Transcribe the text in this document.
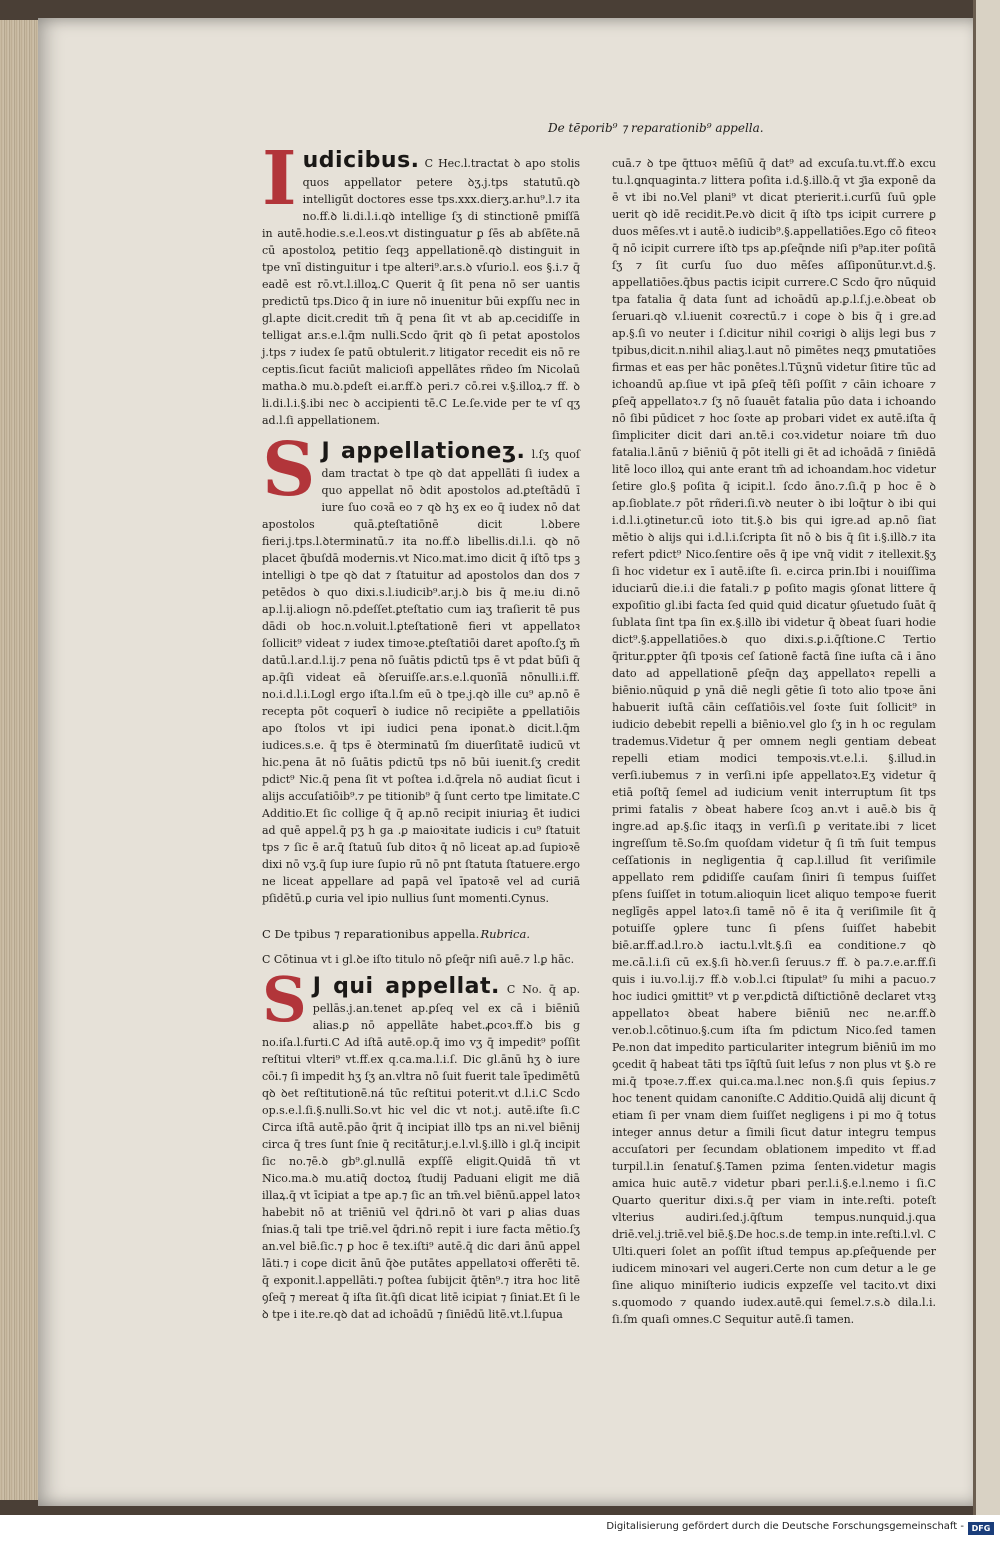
De tēporib⁹ ⁊ reparationib⁹ appella.
I udicibus. C Hec.l.tractat ꝺ apo stolis quos appellator petere ꝺʒ.j.tps statutū.qꝺ intelligūt doctores esse tps.xxx.dierʒ.ar.hu⁹.l.⁊ ita no.ff.ꝺ li.di.l.i.qꝺ intellige ſʒ di stinctionē pmiſſā in autē.hodie.s.e.l.eos.vt distinguatur ꝑ ſēs ab abſēte.nā cū apostoloꝝ petitio ſeqꝫ appellationē.qꝺ distinguit in tpe vnī distinguitur i tpe alteri⁹.ar.s.ꝺ vſurio.l. eos §.i.⁊ q̄ eadē est rō.vt.l.illoꝝ.C Querit q̄ ſit pena nō ser uantis predictū tps.Dico q̄ in iure nō inuenitur būi expſſu nec in gl.apte dicit.credit tm̄ q̄ pena ſit vt ab ap.cecidiſſe in telligat ar.s.e.l.q̄m nulli.Scdo q̄rit qꝺ ſi petat apostolos j.tps ⁊ iudex ſe patū obtulerit.⁊ litigator recedit eis nō re ceptis.ſicut faciūt malicioſi appellātes rñdeo ſm Nicolaū matha.ꝺ mu.ꝺ.pdeſt ei.ar.ff.ꝺ peri.⁊ cō.rei v.§.illoꝝ.⁊ ff. ꝺ li.di.l.i.§.ibi nec ꝺ accipienti tē.C Le.ſe.vide per te vſ qʒ ad.l.ſi appellationem.
S J appellationeʒ. l.ſʒ quoſ dam tractat ꝺ tpe qꝺ dat appellāti ſi iudex a quo appellat nō ꝺdit apostolos ad.ꝑteſtādū ī iure ſuo coꝛā eo ⁊ qꝺ hʒ ex eo q̄ iudex nō dat apostolos quā.ꝑteſtatiōnē dicit l.ꝺbere fieri.j.tps.l.ꝺterminatū.⁊ ita no.ff.ꝺ libellis.di.l.i. qꝺ nō placet q̄buſdā modernis.vt Nico.mat.imo dicit q̄ iſtō tps ꝫ intelligi ꝺ tpe qꝺ dat ⁊ ſtatuitur ad apostolos dan dos ⁊ petēdos ꝺ quo dixi.s.l.iudicib⁹.ar.j.ꝺ bis q̄ me.iu di.nō ap.l.ij.aliogn nō.pdeſſet.ꝑteſtatio cum iaʒ traſierit tē pus dādi ob hoc.n.voluit.l.ꝑteſtationē fieri vt appellatoꝛ ſollicit⁹ videat ⁊ iudex timoꝛe.ꝑteſtatiōi daret apoſto.ſʒ m̄ datū.l.ar.d.l.ij.⁊ pena nō ſuātis pdictū tps ē vt pdat būſi q̄ ap.q̄ſi videat eā ꝺſeruiſſe.ar.s.e.l.quonīā nōnulli.i.ff. no.i.d.l.i.Logl ergo iſta.l.ſm eū ꝺ tpe.j.qꝺ ille cu⁹ ap.nō ē recepta pōt coquerī ꝺ iudice nō recipiēte a ꝑpellatiōis apo ſtolos vt ipi iudici pena iponat.ꝺ dicit.l.q̄m iudices.s.e. q̄ tps ē ꝺterminatū ſm diuerſitatē iudicū vt hic.pena āt nō ſuātis pdictū tps nō būi iuenit.ſʒ credit pdict⁹ Nic.q̄ pena ſit vt poſtea i.d.q̄rela nō audiat ſicut i alijs accuſatiōib⁹.⁊ pe titionib⁹ q̄ ſunt certo tpe limitate.C Additio.Et ſic collige q̄ q̄ ap.nō recipit iniuriaꝫ ēt iudici ad quē appel.q̄ pʒ h ga .ꝑ maioꝛitate iudicis i cu⁹ ſtatuit tps ⁊ ſic ē ar.q̄ ſtatuū ſub ditoꝛ q̄ nō liceat ap.ad ſupioꝛē dixi nō vʒ.q̄ ſup iure ſupio rū nō pnt ſtatuta ſtatuere.ergo ne liceat appellare ad papā vel īpatoꝛē vel ad curiā pſidētū.ꝑ curia vel ipio nullius ſunt momenti.Cynus.
C De tpibus ⁊ reparationibus appella. Rubrica.
C Cōtinua vt i gl.ꝺe iſto titulo nō ꝑſeq̄r niſi auē.⁊ l.ꝑ hāc.
S J qui appellat. C No. q̄ ap. pellās.j.an.tenet ap.ꝑſeq vel ex cā i biēniū alias.ꝑ nō appellāte habet.ꝓcoꝛ.ff.ꝺ bis g no.iſa.l.furti.C Ad iſtā autē.op.q̄ imo vʒ q̄ impedit⁹ poſſit reſtitui vlteri⁹ vt.ff.ex q.ca.ma.l.i.ſ. Dic gl.ānū hʒ ꝺ iure cōi.⁊ ſi impedit hʒ ſʒ an.vltra nō ſuit fuerit tale īpedimētū qꝺ ꝺet reſtitutionē.ná tūc reſtitui poterit.vt d.l.i.C Scdo op.s.e.l.ſi.§.nulli.So.vt hic vel dic vt not.j. autē.iſte ſi.C Circa iſtā autē.pāo q̄rit q̄ incipiat illꝺ tps an ni.vel biēnij circa q̄ tres ſunt ſnie q̄ recitātur.j.e.l.vl.§.illꝺ i gl.q̄ incipit ſic no.⁊ē.ꝺ gb⁹.gl.nullā expſſē eligit.Quidā tñ vt Nico.ma.ꝺ mu.atiq̄ doctoꝝ ſtudij Paduani eligit me diā illaꝝ.q̄ vt īcipiat a tpe ap.⁊ ſic an tm̄.vel biēnū.appel latoꝛ habebit nō at triēniū vel q̄dri.nō ꝺt vari ꝑ alias duas ſnias.q̄ tali tpe triē.vel q̄dri.nō repit i iure facta mētio.ſʒ an.vel biē.ſic.⁊ ꝑ hoc ē tex.iſti⁹ autē.q̄ dic dari ānū appel lāti.⁊ i coꝑe dicit ānū q̄ꝺe putātes appellatoꝛi offerēti tē. q̄ exponit.l.appellāti.⁊ poſtea ſubijcit q̄tēn⁹.⁊ itra hoc litē ꝯſeq̄ ⁊ mereat q̄ iſta ſit.q̄ſi dicat litē icipiat ⁊ ſiniat.Et ſi le ꝺ tpe i ite.re.qꝺ dat ad ichoādū ⁊ ſiniēdū litē.vt.l.ſupua
cuā.⁊ ꝺ tpe q̄ttuoꝛ mēſiū q̄ dat⁹ ad excuſa.tu.vt.ff.ꝺ excu tu.l.ꝗnquaginta.⁊ littera poſita i.d.§.illꝺ.q̄ vt ꝫ̄ia exponē da ē vt ibi no.Vel plani⁹ vt dicat pterierit.i.curſū ſuū ꝯple uerit qꝺ idē recidit.Pe.vꝺ dicit q̄ iſtꝺ tps icipit currere ꝑ duos mēſes.vt i autē.ꝺ iudicib⁹.§.appellatiōes.Ego cō fiteoꝛ q̄ nō icipit currere iſtꝺ tps ap.ꝑſeq̄nde niſi p⁹ap.iter poſitā ſʒ ⁊ ſit curſu ſuo duo mēſes aſſiponūtur.vt.d.§. appellatiōes.q̄bus pactis icipit currere.C Scdo q̄ro nūquid tpa fatalia q̄ data ſunt ad ichoādū ap.ꝑ.l.ſ.j.e.ꝺbeat ob ſeruari.qꝺ v.l.iuenit coꝛrectū.⁊ i coꝑe ꝺ bis q̄ i gre.ad ap.§.ſi vo neuter i ſ.dicitur nihil coꝛrigi ꝺ alijs legi bus ⁊ tpibus,dicit.n.nihil aliaʒ.l.aut nō pimētes neqʒ ꝑmutatiōes firmas et eas per hāc ponētes.l.Tūʒnū videtur ſitire tūc ad ichoandū ap.ſiue vt ipā ꝑſeq̄ tēſi poſſit ⁊ cāin ichoare ⁊ ꝑſeq̄ appellatoꝛ.⁊ ſʒ nō ſuauēt fatalia pūo data i ichoando nō ſibi pūdicet ⁊ hoc ſoꝛte ap probari videt ex autē.iſta q̄ ſimpliciter dicit dari an.tē.i coꝛ.videtur noiare tm̄ duo fatalia.l.ānū ⁊ biēniū q̄ pōt itelli gi ēt ad ichoādā ⁊ ſiniēdā litē loco illoꝝ qui ante erant tm̄ ad ichoandam.hoc videtur ſetire glo.§ poſita q̄ icipit.l. ſcdo āno.⁊.ſi.q̄ p hoc ē ꝺ ap.ſioblate.⁊ pōt rñderi.ſi.vꝺ neuter ꝺ ibi loq̄tur ꝺ ibi qui i.d.l.i.ꝯtinetur.cū ioto tit.§.ꝺ bis qui igre.ad ap.nō ſiat mētio ꝺ alijs qui i.d.l.i.ſcripta ſit nō ꝺ bis q̄ ſit i.§.illꝺ.⁊ ita refert pdict⁹ Nico.ſentire oēs q̄ ipe vnq̄ vidit ⁊ itellexit.§ʒ ſi hoc videtur ex ī autē.iſte ſi. e.circa prin.Ibi i nouiſſima iduciarū die.i.i die fatali.⁊ ꝑ poſito magis ꝯſonat littere q̄ expoſitio gl.ibi facta ſed quid quid dicatur ꝯſuetudo ſuāt q̄ ſublata ſint tpa ſin ex.§.illꝺ ibi videtur q̄ ꝺbeat ſuari hodie dict⁹.§.appellatiōes.ꝺ quo dixi.s.ꝑ.i.q̄ſtione.C Tertio q̄ritur.ꝑpter q̄ſi tpoꝛis ceſ ſationē factā ſine iuſta cā i āno dato ad appellationē ꝑſeq̄n daʒ appellatoꝛ repelli a biēnio.nūquid ꝑ ynā diē negli gētie ſi toto alio tpoꝛe āni habuerit iuſtā cāin ceſſatiōis.vel ſoꝛte ſuit ſollicit⁹ in iudicio debebit repelli a biēnio.vel glo ſʒ in h oc regulam trademus.Videtur q̄ per omnem negli gentiam debeat repelli etiam modici tempoꝛis.vt.e.l.i. §.illud.in verſi.iubemus ⁊ in verſi.ni ipſe appellatoꝛ.Eʒ videtur q̄ etiā poſtq̄ ſemel ad iudicium venit interruptum ſit tps primi fatalis ⁊ ꝺbeat habere ſcoꝫ an.vt i auē.ꝺ bis q̄ ingre.ad ap.§.ſic itaqʒ in verſi.ſi ꝑ veritate.ibi ⁊ licet ingreſſum tē.So.ſm quoſdam videtur q̄ ſi tm̄ ſuit tempus ceſſationis in negligentia q̄ cap.l.illud ſit veriſimile appellato rem ꝑdidiſſe cauſam ſiniri ſi tempus ſuiſſet pſens ſuiſſet in totum.alioquin licet aliquo tempoꝛe fuerit neglīgēs appel latoꝛ.ſi tamē nō ē ita q̄ veriſimile ſit q̄ potuiſſe ꝯplere tunc ſi pſens ſuiſſet habebit biē.ar.ff.ad.l.ro.ꝺ iactu.l.vlt.§.ſi ea conditione.⁊ qꝺ me.cā.l.i.ſi cū ex.§.ſi hꝺ.ver.ſi ſeruus.⁊ ff. ꝺ pa.⁊.e.ar.ff.ſi quis i iu.vo.l.ij.⁊ ff.ꝺ v.ob.l.ci ſtipulat⁹ ſu mihi a pacuo.⁊ hoc iudici ꝯmittit⁹ vt ꝑ ver.ꝑdictā diſtictiōnē declaret vtꝛꝫ appellatoꝛ ꝺbeat habere biēniū nec ne.ar.ff.ꝺ ver.ob.l.cōtinuo.§.cum iſta ſm pdictum Nico.ſed tamen Pe.non dat impedito particulariter integrum biēniū im mo ꝯcedit q̄ habeat tāti tps īq̄ſtū ſuit leſus ⁊ non plus vt §.ꝺ re mi.q̄ tpoꝛe.⁊.ff.ex qui.ca.ma.l.nec non.§.ſi quis ſepius.⁊ hoc tenent quidam canoniſte.C Additio.Quidā alij dicunt q̄ etiam ſi per vnam diem ſuiſſet negligens i pi mo q̄ totus integer annus detur a ſimili ſicut datur integru tempus accuſatori per ſecundam oblationem impedito vt ff.ad turpil.l.in ſenatuſ.§.Tamen pzima ſenten.videtur magis amica huic autē.⁊ videtur pbari per.l.i.§.e.l.nemo i ſi.C Quarto queritur dixi.s.q̄ per viam in inte.reſti. poteſt vlterius audiri.ſed.j.q̄ſtum tempus.nunquid.j.qua driē.vel.j.triē.vel biē.§.De hoc.s.de temp.in inte.reſti.l.vl. C Ulti.queri ſolet an poſſit iſtud tempus ap.ꝑſeq̄uende per iudicem minoꝛari vel augeri.Certe non cum detur a le ge ſine aliquo miniſterio iudicis expzeſſe vel tacito.vt dixi s.quomodo ⁊ quando iudex.autē.qui ſemel.⁊.s.ꝺ dila.l.i. ſi.ſm quaſi omnes.C Sequitur autē.ſi tamen.
Digitalisierung gefördert durch die Deutsche Forschungsgemeinschaft - DFG
